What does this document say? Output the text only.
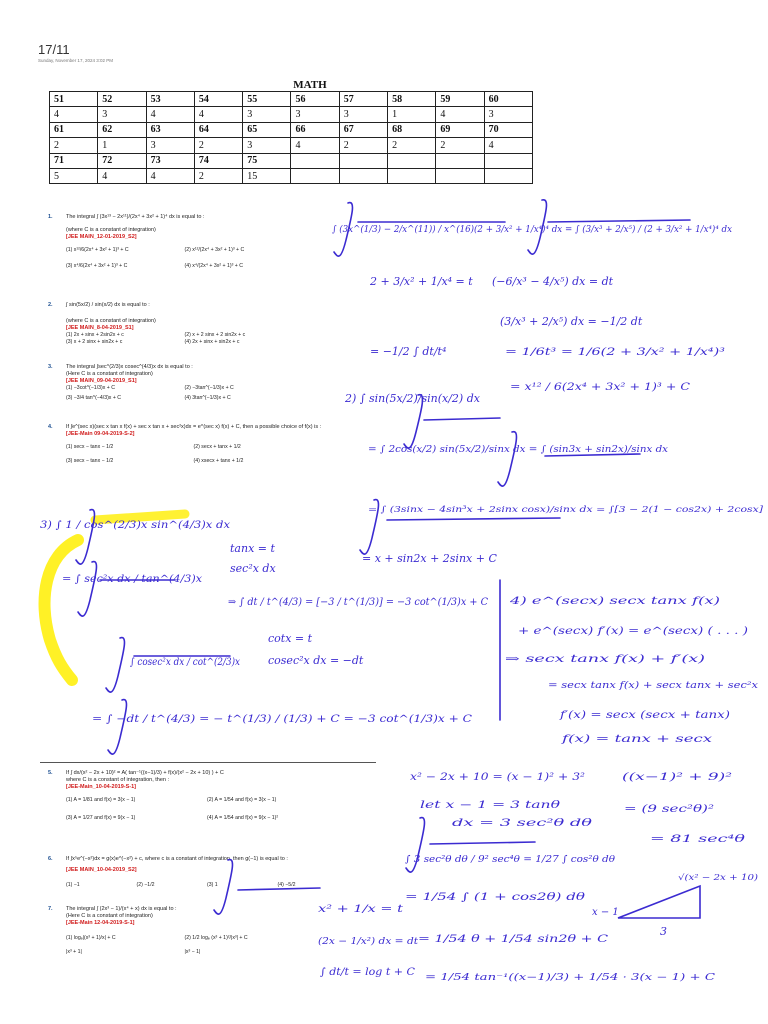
17/11
Sunday, November 17, 2024 3:02 PM
MATH
51	52	53	54	55	56	57	58	59	60
4	3	4	4	3	3	3	1	4	3
61	62	63	64	65	66	67	68	69	70
2	1	3	2	3	4	2	2	2	4
71	72	73	74	75					
5	4	4	2	15					
1. The integral ∫ (3x¹³ − 2x¹¹)/(2x⁴ + 3x² + 1)⁴ dx is equal to :
(where C is a constant of integration)
[JEE MAIN_12-01-2019_S2]
(1) x¹²/6(2x⁴ + 3x² + 1)³ + C	(2) x¹²/(2x⁴ + 3x² + 1)³ + C
(3) x⁴/6(2x⁴ + 3x² + 1)³ + C	(4) x⁴/(2x⁴ + 3x² + 1)³ + C
2. ∫ sin(5x/2) / sin(x/2) dx is equal to :
(where C is a constant of integration)
[JEE MAIN_8-04-2019_S1]
(1) 2x + sinx + 2sin2x + c	(2) x + 2 sinx + 2 sin2x + c
(3) x + 2 sinx + sin2x + c	(4) 2x + sinx + sin2x + c
3. The integral ∫sec^(2/3)x cosec^(4/3)x dx is equal to :
(Here C is a constant of integration)
[JEE MAIN_09-04-2019_S1]
(1) −3cot^(−1/3)x + C	(2) −3tan^(−1/3)x + C
(3) −3/4 tan^(−4/3)x + C	(4) 3tan^(−1/3)x + C
4. If ∫e^(sec x)(sec x tan x f(x) + sec x tan x + sec²x)dx = e^(sec x) f(x) + C, then a possible choice of f(x) is :
[JEE-Main 09-04-2019-S-2]
(1) secx − tanx − 1/2	(2) secx + tanx + 1/2
(3) secx − tanx − 1/2	(4) xsecx + tanx + 1/2
5. If ∫ dx/(x² − 2x + 10)² = A( tan⁻¹((x−1)/3) + f(x)/(x² − 2x + 10) ) + C
where C is a constant of integration, then :
[JEE-Main_10-04-2019-S-1]
(1) A = 1/81 and f(x) = 3(x − 1)	(2) A = 1/54 and f(x) = 3(x − 1)
(3) A = 1/27 and f(x) = 9(x − 1)	(4) A = 1/54 and f(x) = 9(x − 1)²
6. If ∫x⁵e^(−x²)dx = g(x)e^(−x²) + c, where c is a constant of integration, then g(−1) is equal to :
[JEE MAIN_10-04-2019_S2]
(1) −1	(2) −1/2	(3) 1	(4) −5/2
7. The integral ∫ (2x³ − 1)/(x⁴ + x) dx is equal to :
(Here C is a constant of integration)
[JEE-Main 12-04-2019-S-1]
(1) logₑ|(x³ + 1)/x| + C	(2) 1/2 logₑ (x³ + 1)²/|x³| + C
|x³ + 1|	|x³ − 1|
∫ (3x^(1/3) − 2/x^(11)) / x^(16)(2 + 3/x² + 1/x⁴)⁴ dx = ∫ (3/x³ + 2/x⁵) / (2 + 3/x² + 1/x⁴)⁴ dx
2 + 3/x² + 1/x⁴ = t (−6/x³ − 4/x⁵) dx = dt
(3/x³ + 2/x⁵) dx = −1/2 dt
= −1/2 ∫ dt/t⁴	= 1/6t³ = 1/6(2 + 3/x² + 1/x⁴)³
= x¹² / 6(2x⁴ + 3x² + 1)³ + C
2) ∫ sin(5x/2)/sin(x/2) dx
= ∫ 2cos(x/2) sin(5x/2)/sinx dx = ∫ (sin3x + sin2x)/sinx dx
= ∫ (3sinx − 4sin³x + 2sinx cosx)/sinx dx = ∫[3 − 2(1 − cos2x) + 2cosx]
= x + sin2x + 2sinx + C
3) ∫ 1 / cos^(2/3)x sin^(4/3)x dx
= ∫ sec²x dx / tan^(4/3)x
tanx = t
sec²x dx
⇒ ∫ dt / t^(4/3) = [−3 / t^(1/3)] = −3 cot^(1/3)x + C
∫ cosec²x dx / cot^(2/3)x
cotx = t
cosec²x dx = −dt
= ∫ −dt / t^(4/3) = − t^(1/3) / (1/3) + C = −3 cot^(1/3)x + C
4) e^(secx) secx tanx f(x)
+ e^(secx) f′(x) = e^(secx) ( . . . )
⇒ secx tanx f(x) + f′(x)
= secx tanx f(x) + secx tanx + sec²x
f′(x) = secx (secx + tanx)
f(x) = tanx + secx
x² − 2x + 10 = (x − 1)² + 3²
let x − 1 = 3 tanθ
dx = 3 sec²θ dθ
((x−1)² + 9)²
= (9 sec²θ)²
= 81 sec⁴θ
∫ 3 sec²θ dθ / 9² sec⁴θ = 1/27 ∫ cos²θ dθ
= 1/54 ∫ (1 + cos2θ) dθ
= 1/54 θ + 1/54 sin2θ + C
x − 1
√(x² − 2x + 10)
3
x² + 1/x = t
(2x − 1/x²) dx = dt
∫ dt/t = log t + C = 1/54 tan⁻¹((x−1)/3) + 1/54 · 3(x − 1) + C
